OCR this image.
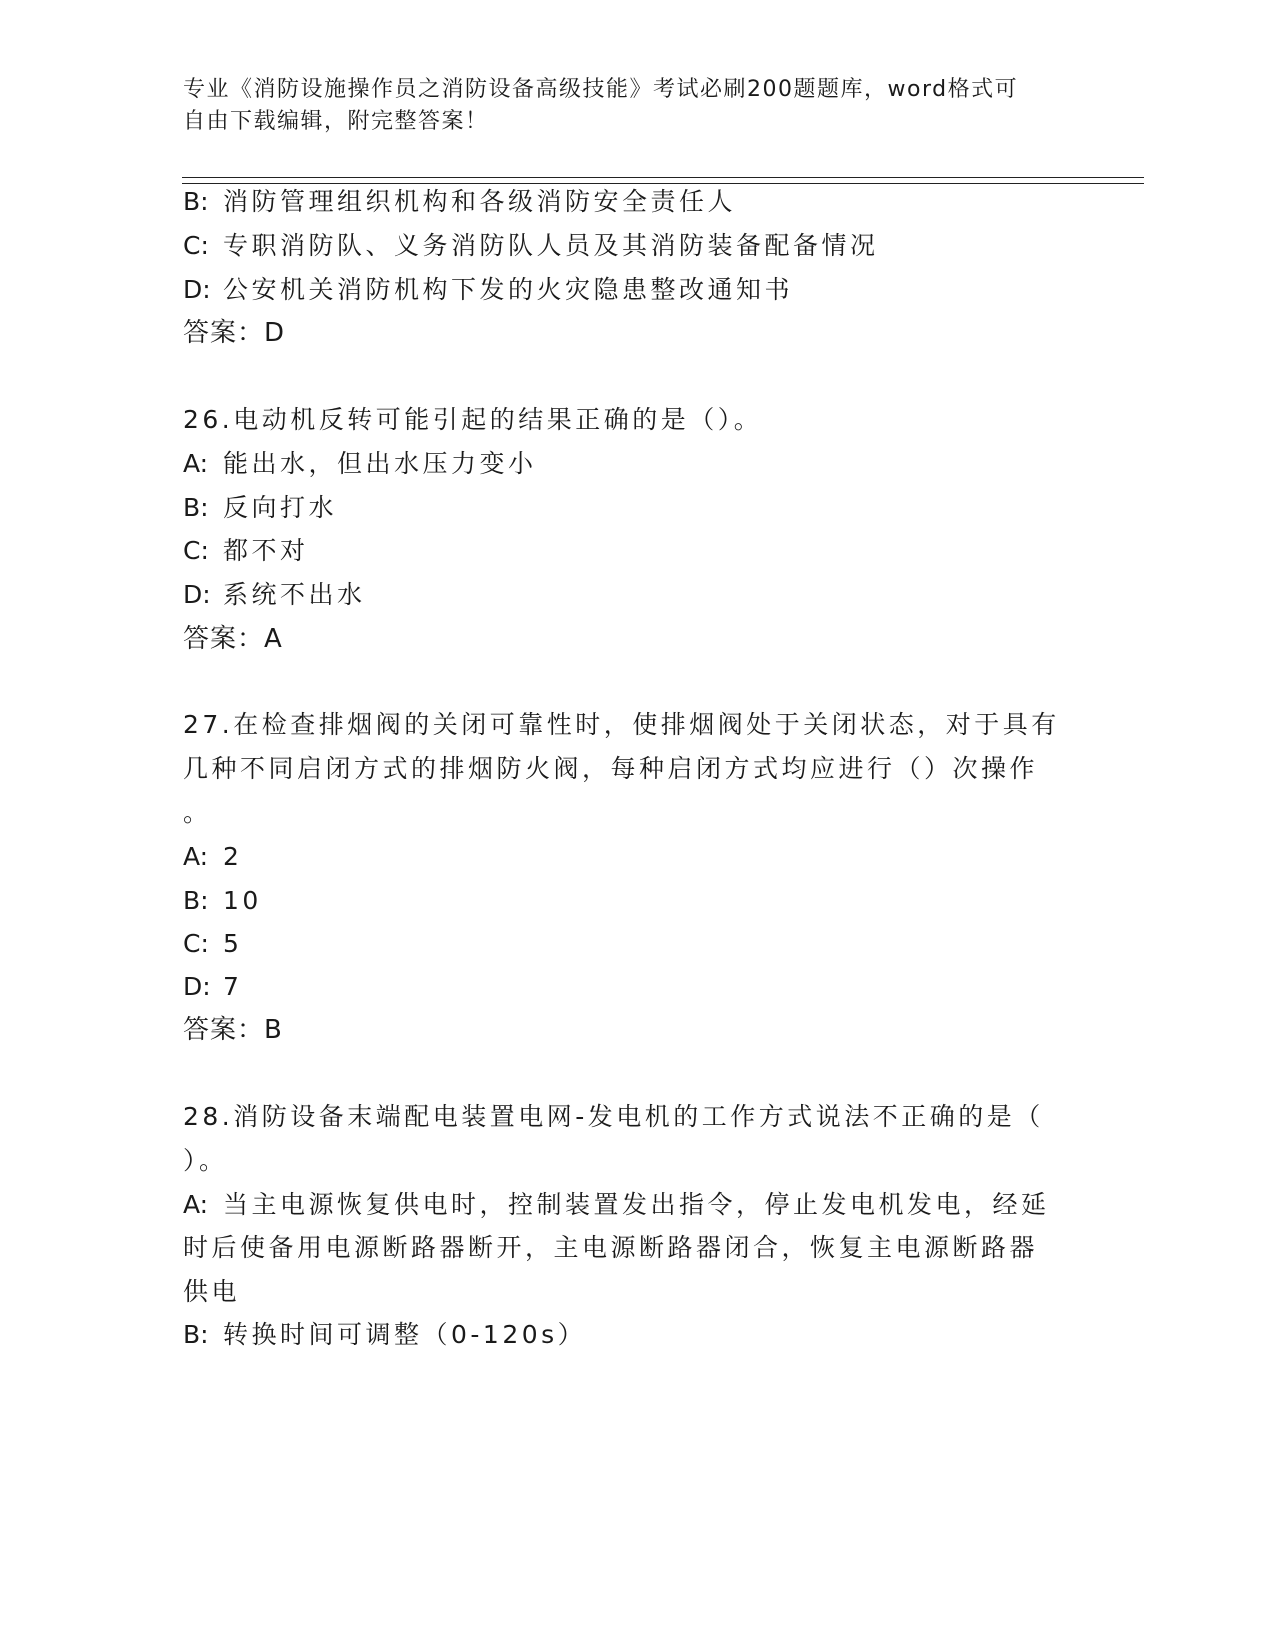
专业《消防设施操作员之消防设备高级技能》考试必刷200题题库，word格式可
自由下载编辑，附完整答案！
B: 消防管理组织机构和各级消防安全责任人
C: 专职消防队、义务消防队人员及其消防装备配备情况
D: 公安机关消防机构下发的火灾隐患整改通知书
答案：D
26.电动机反转可能引起的结果正确的是（）。
A: 能出水，但出水压力变小
B: 反向打水
C: 都不对
D: 系统不出水
答案：A
27.在检查排烟阀的关闭可靠性时，使排烟阀处于关闭状态，对于具有
几种不同启闭方式的排烟防火阀，每种启闭方式均应进行（）次操作
。
A: 2
B: 10
C: 5
D: 7
答案：B
28.消防设备末端配电装置电网-发电机的工作方式说法不正确的是（
）。
A: 当主电源恢复供电时，控制装置发出指令，停止发电机发电，经延
时后使备用电源断路器断开，主电源断路器闭合，恢复主电源断路器
供电
B: 转换时间可调整（0-120s）
